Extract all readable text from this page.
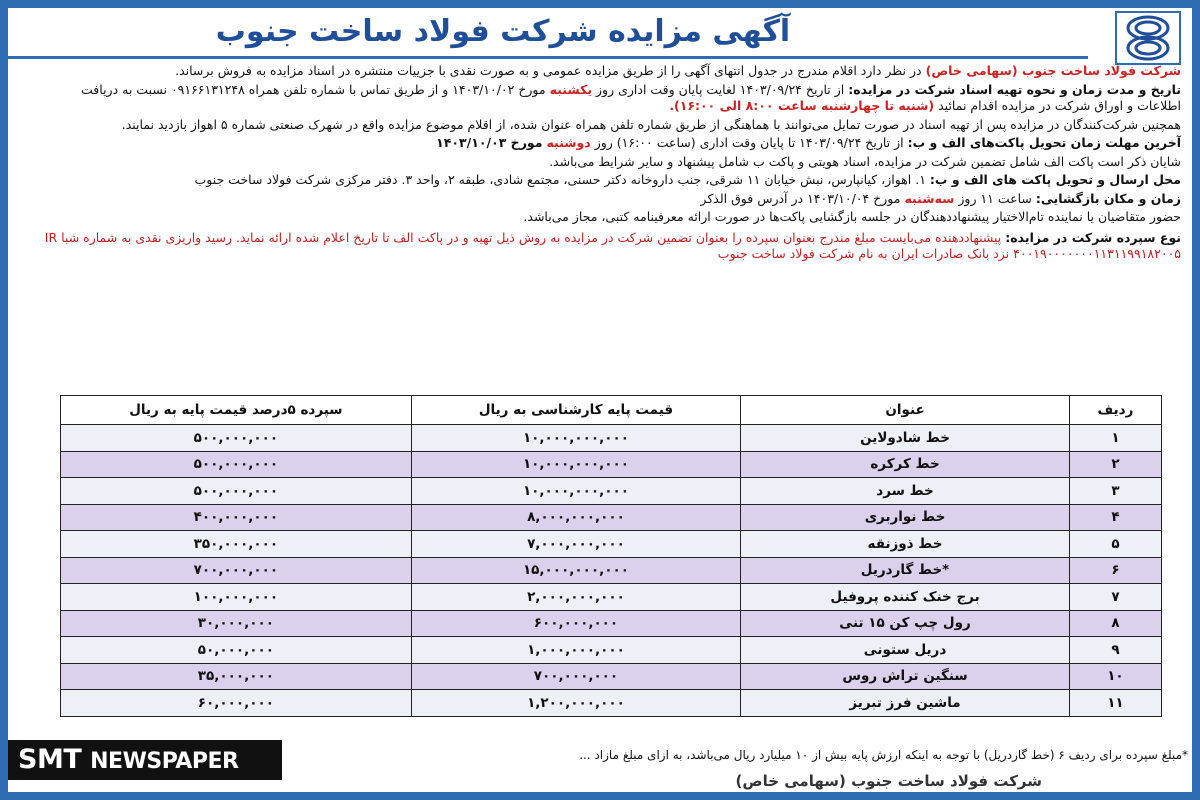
آگهی مزایده شرکت فولاد ساخت جنوب

شرکت فولاد ساخت جنوب (سهامی خاص) در نظر دارد اقلام مندرج در جدول انتهای آگهی را از طریق مزایده عمومی و به صورت نقدی با جزییات منتشره در اسناد مزایده به فروش برساند.

تاریخ و مدت زمان و نحوه تهیه اسناد شرکت در مزایده: از تاریخ ۱۴۰۳/۰۹/۲۴ لغایت پایان وقت اداری روز یکشنبه مورخ ۱۴۰۳/۱۰/۰۲ و از طریق تماس با شماره تلفن همراه ۰۹۱۶۶۱۳۱۲۴۸ نسبت به دریافت اطلاعات و اوراق شرکت در مزایده اقدام نمائید (شنبه تا چهارشنبه ساعت ۸:۰۰ الی ۱۶:۰۰).

همچنین شرکت‌کنندگان در مزایده پس از تهیه اسناد در صورت تمایل می‌توانند با هماهنگی از طریق شماره تلفن همراه عنوان شده، از اقلام موضوع مزایده واقع در شهرک صنعتی شماره ۵ اهواز بازدید نمایند.

آخرین مهلت زمان تحویل پاکت‌های الف و ب: از تاریخ ۱۴۰۳/۰۹/۲۴ تا پایان وقت اداری (ساعت ۱۶:۰۰) روز دوشنبه مورخ ۱۴۰۳/۱۰/۰۳

شایان ذکر است پاکت الف شامل تضمین شرکت در مزایده، اسناد هویتی و پاکت ب شامل پیشنهاد و سایر شرایط می‌باشد.

محل ارسال و تحویل پاکت های الف و ب: ۱. اهواز، کیانپارس، نبش خیابان ۱۱ شرقی، جنب داروخانه دکتر حسنی، مجتمع شادی، طبقه ۲، واحد ۳. دفتر مرکزی شرکت فولاد ساخت جنوب

زمان و مکان بازگشایی: ساعت ۱۱ روز سه‌شنبه مورخ ۱۴۰۳/۱۰/۰۴ در آدرس فوق الذکر

حضور متقاضیان یا نماینده تام‌الاختیار پیشنهاددهندگان در جلسه بازگشایی پاکت‌ها در صورت ارائه معرفینامه کتبی، مجاز می‌باشد.

نوع سپرده شرکت در مزایده: پیشنهاددهنده می‌بایست مبلغ مندرج بعنوان سپرده را بعنوان تضمین شرکت در مزایده به روش ذیل تهیه و در پاکت الف تا تاریخ اعلام شده ارائه نماید. رسید واریزی نقدی به شماره شبا IR ۴۰۰۱۹۰۰۰۰۰۰۰۱۱۳۱۱۹۹۱۸۲۰۰۵ نزد بانک صادرات ایران به نام شرکت فولاد ساخت جنوب

ردیف	عنوان	قیمت پایه کارشناسی به ریال	سپرده ۵درصد قیمت پایه به ریال
۱	خط شادولاین	۱۰,۰۰۰,۰۰۰,۰۰۰	۵۰۰,۰۰۰,۰۰۰
۲	خط کرکره	۱۰,۰۰۰,۰۰۰,۰۰۰	۵۰۰,۰۰۰,۰۰۰
۳	خط سرد	۱۰,۰۰۰,۰۰۰,۰۰۰	۵۰۰,۰۰۰,۰۰۰
۴	خط نواربری	۸,۰۰۰,۰۰۰,۰۰۰	۴۰۰,۰۰۰,۰۰۰
۵	خط ذوزنقه	۷,۰۰۰,۰۰۰,۰۰۰	۳۵۰,۰۰۰,۰۰۰
۶	*خط گاردریل	۱۵,۰۰۰,۰۰۰,۰۰۰	۷۰۰,۰۰۰,۰۰۰
۷	برج خنک کننده پروفیل	۲,۰۰۰,۰۰۰,۰۰۰	۱۰۰,۰۰۰,۰۰۰
۸	رول چپ کن ۱۵ تنی	۶۰۰,۰۰۰,۰۰۰	۳۰,۰۰۰,۰۰۰
۹	دریل ستونی	۱,۰۰۰,۰۰۰,۰۰۰	۵۰,۰۰۰,۰۰۰
۱۰	سنگین تراش روس	۷۰۰,۰۰۰,۰۰۰	۳۵,۰۰۰,۰۰۰
۱۱	ماشین فرز تبریز	۱,۲۰۰,۰۰۰,۰۰۰	۶۰,۰۰۰,۰۰۰
*مبلغ سپرده برای ردیف ۶ (خط گاردریل) با توجه به اینکه ارزش پایه بیش از ۱۰ میلیارد ریال می‌باشد، به ازای مبلغ مازاد ...
شرکت فولاد ساخت جنوب (سهامی خاص)
SMT NEWSPAPER
